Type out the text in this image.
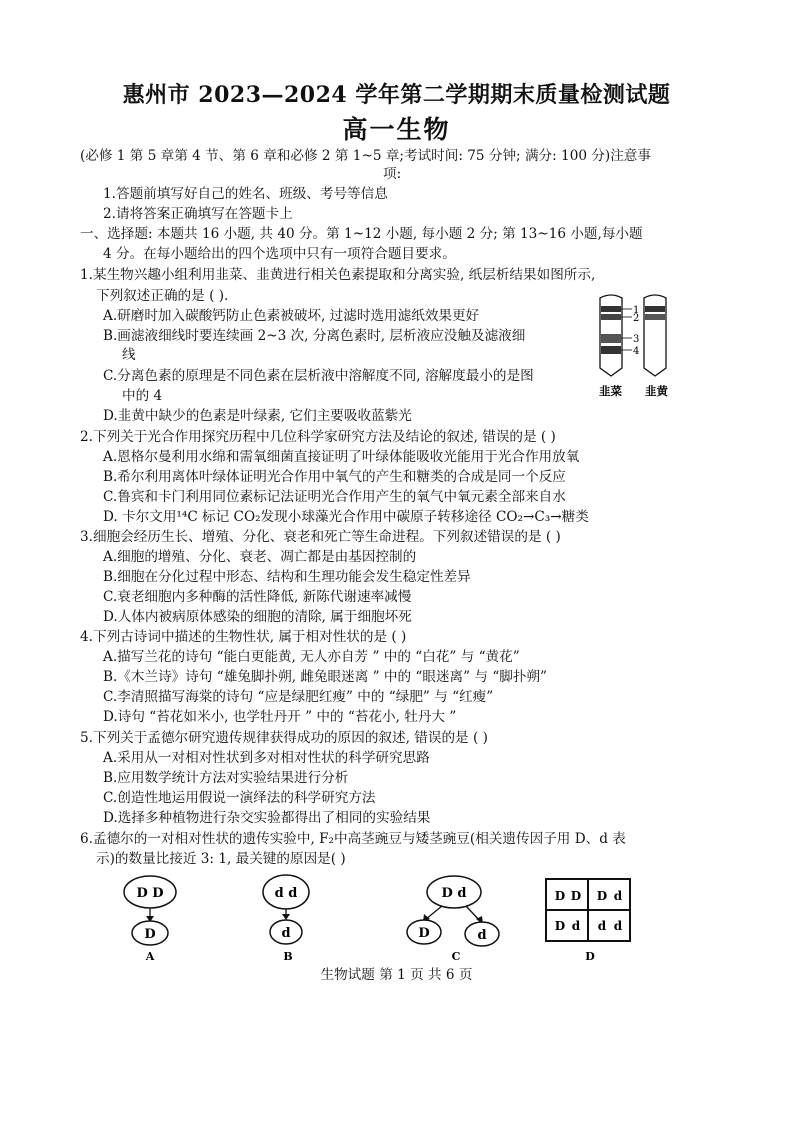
惠州市 2023—2024 学年第二学期期末质量检测试题
高一生物
(必修 1 第 5 章第 4 节、第 6 章和必修 2 第 1~5 章;考试时间: 75 分钟; 满分: 100 分)注意事
项:
1.答题前填写好自己的姓名、班级、考号等信息
2.请将答案正确填写在答题卡上
一、选择题: 本题共 16 小题, 共 40 分。第 1~12 小题, 每小题 2 分; 第 13~16 小题,每小题
4 分。在每小题给出的四个选项中只有一项符合题目要求。
1.某生物兴趣小组利用韭菜、韭黄进行相关色素提取和分离实验, 纸层析结果如图所示,
下列叙述正确的是 ( ).
A.研磨时加入碳酸钙防止色素被破坏, 过滤时选用滤纸效果更好
B.画滤液细线时要连续画 2~3 次, 分离色素时, 层析液应没触及滤液细
线
C.分离色素的原理是不同色素在层析液中溶解度不同, 溶解度最小的是图
中的 4
D.韭黄中缺少的色素是叶绿素, 它们主要吸收蓝紫光
1
2
3
4
韭菜 韭黄
2.下列关于光合作用探究历程中几位科学家研究方法及结论的叙述, 错误的是 ( )
A.恩格尔曼利用水绵和需氧细菌直接证明了叶绿体能吸收光能用于光合作用放氧
B.希尔利用离体叶绿体证明光合作用中氧气的产生和糖类的合成是同一个反应
C.鲁宾和卡门利用同位素标记法证明光合作用产生的氧气中氧元素全部来自水
D. 卡尔文用¹⁴C 标记 CO₂发现小球藻光合作用中碳原子转移途径 CO₂→C₃→糖类
3.细胞会经历生长、增殖、分化、衰老和死亡等生命进程。下列叙述错误的是 ( )
A.细胞的增殖、分化、衰老、凋亡都是由基因控制的
B.细胞在分化过程中形态、结构和生理功能会发生稳定性差异
C.衰老细胞内多种酶的活性降低, 新陈代谢速率减慢
D.人体内被病原体感染的细胞的清除, 属于细胞坏死
4.下列古诗词中描述的生物性状, 属于相对性状的是 ( )
A.描写兰花的诗句 “能白更能黄, 无人亦自芳 ” 中的 “白花” 与 “黄花”
B.《木兰诗》诗句 “雄兔脚扑朔, 雌兔眼迷离 ” 中的 “眼迷离” 与 “脚扑朔”
C.李清照描写海棠的诗句 “应是绿肥红瘦” 中的 “绿肥” 与 “红瘦”
D.诗句 “苔花如米小, 也学牡丹开 ” 中的 “苔花小, 牡丹大 ”
5.下列关于孟德尔研究遗传规律获得成功的原因的叙述, 错误的是 ( )
A.采用从一对相对性状到多对相对性状的科学研究思路
B.应用数学统计方法对实验结果进行分析
C.创造性地运用假说一演绎法的科学研究方法
D.选择多种植物进行杂交实验都得出了相同的实验结果
6.孟德尔的一对相对性状的遗传实验中, F₂中高茎豌豆与矮茎豌豆(相关遗传因子用 D、d 表
示)的数量比接近 3: 1, 最关键的原因是( )
D D
D
A
d d
d
B
D d
D	d
C
D D D d
D d d d
D
生物试题 第 1 页 共 6 页
